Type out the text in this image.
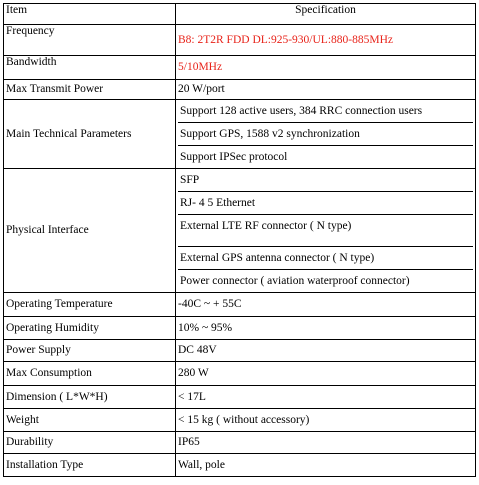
Item	Specification
Frequency	B8: 2T2R FDD DL:925-930/UL:880-885MHz
Bandwidth	5/10MHz
Max Transmit Power	20 W/port
Main Technical Parameters	Support 128 active users, 384 RRC connection users
Support GPS, 1588 v2 synchronization
Support IPSec protocol

Physical Interface	SFP
RJ- 4 5 Ethernet
External LTE RF connector ( N type)
External GPS antenna connector ( N type)
Power connector ( aviation waterproof connector)

Operating Temperature	-40C ~ + 55C
Operating Humidity	10% ~ 95%
Power Supply	DC 48V
Max Consumption	280 W
Dimension ( L*W*H)	< 17L
Weight	< 15 kg ( without accessory)
Durability	IP65
Installation Type	Wall, pole
